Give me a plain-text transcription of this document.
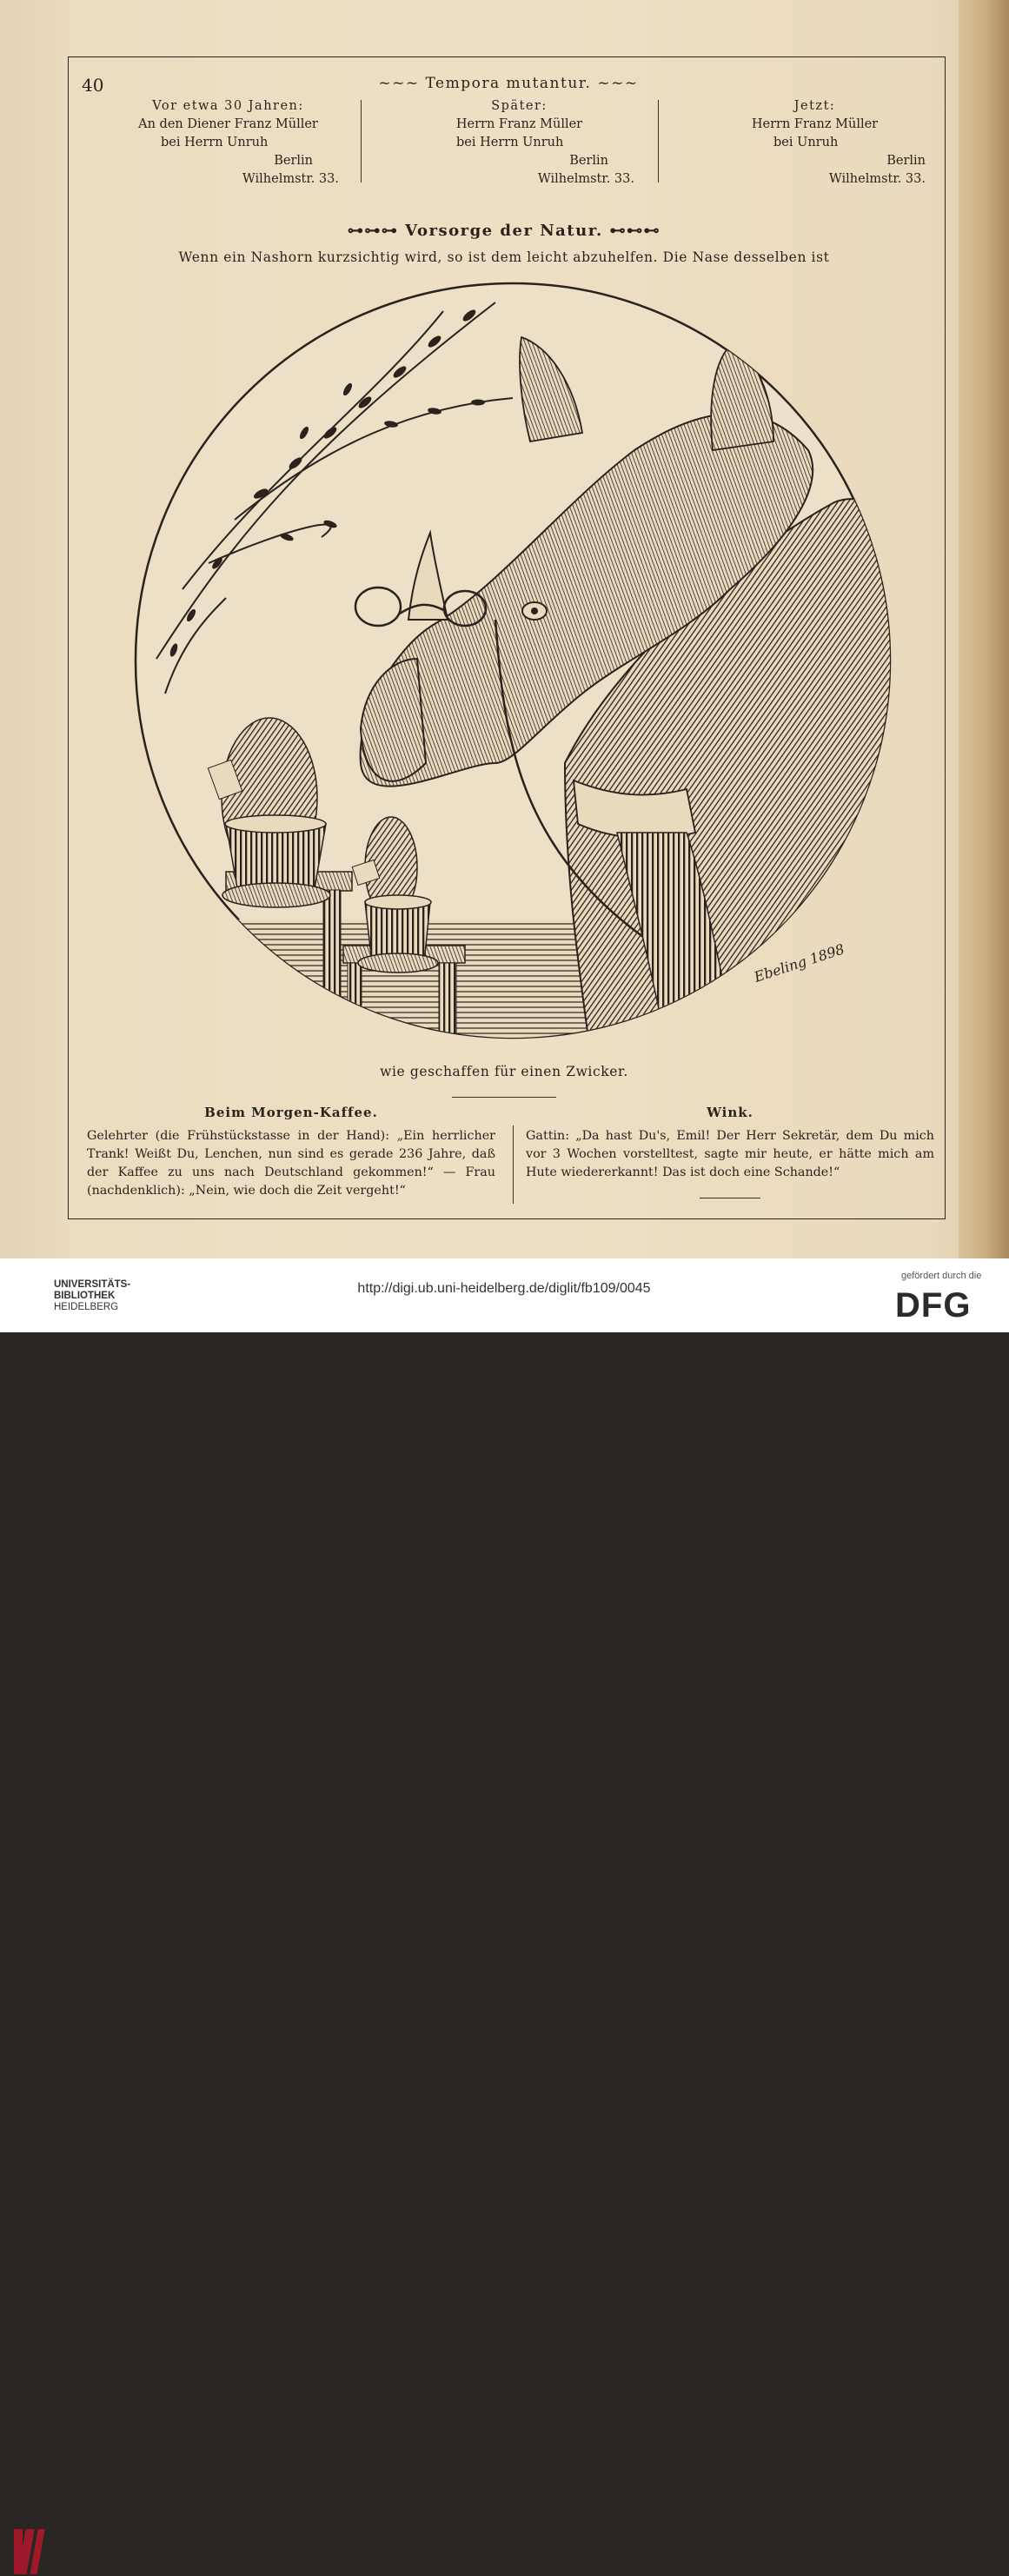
40	~~~ Tempora mutantur. ~~~
Vor etwa 30 Jahren:
An den Diener Franz Müller
bei Herrn Unruh
Berlin
Wilhelmstr. 33.
Später:
Herrn Franz Müller
bei Herrn Unruh
Berlin
Wilhelmstr. 33.
Jetzt:
Herrn Franz Müller
bei Unruh
Berlin
Wilhelmstr. 33.
⊶⊶⊶ Vorsorge der Natur. ⊷⊷⊷
Wenn ein Nashorn kurzsichtig wird, so ist dem leicht abzuhelfen. Die Nase desselben ist
Ebeling 1898
wie geschaffen für einen Zwicker.
Beim Morgen-Kaffee.

Gelehrter (die Frühstückstasse in der Hand): „Ein herrlicher Trank! Weißt Du, Lenchen, nun sind es gerade 236 Jahre, daß der Kaffee zu uns nach Deutschland gekommen!“ — Frau (nachdenklich): „Nein, wie doch die Zeit vergeht!“

Wink.

Gattin: „Da hast Du's, Emil! Der Herr Sekretär, dem Du mich vor 3 Wochen vorstelltest, sagte mir heute, er hätte mich am Hute wiedererkannt! Das ist doch eine Schande!“

UNIVERSITÄTS-
BIBLIOTHEK
HEIDELBERG
http://digi.ub.uni-heidelberg.de/diglit/fb109/0045
gefördert durch die
DFG
